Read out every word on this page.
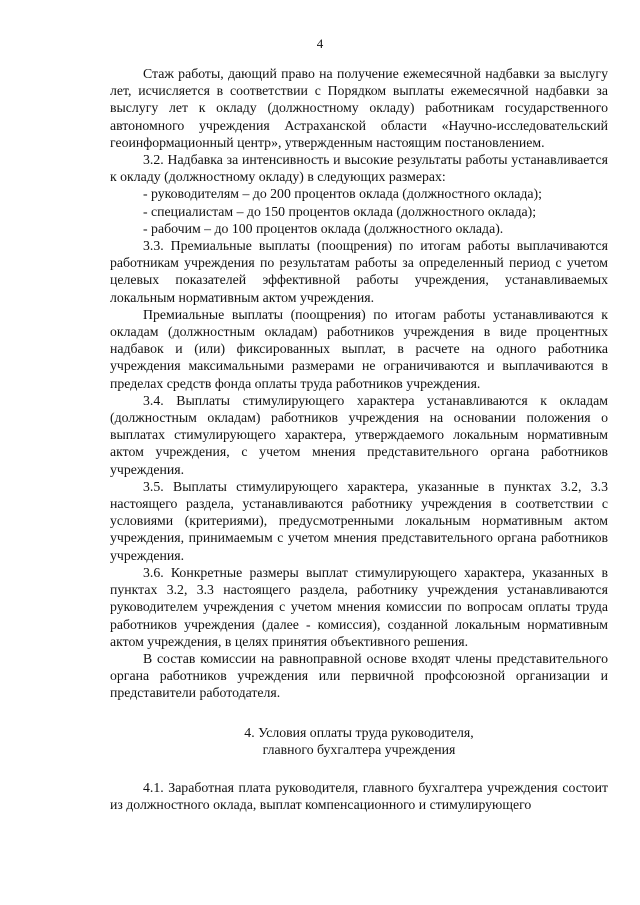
4

Стаж работы, дающий право на получение ежемесячной надбавки за выслугу лет, исчисляется в соответствии с Порядком выплаты ежемесячной надбавки за выслугу лет к окладу (должностному окладу) работникам государственного автономного учреждения Астраханской области «Научно-исследовательский геоинформационный центр», утвержденным настоящим постановлением.

3.2. Надбавка за интенсивность и высокие результаты работы устанавливается к окладу (должностному окладу) в следующих размерах:

- руководителям – до 200 процентов оклада (должностного оклада);

- специалистам – до 150 процентов оклада (должностного оклада);

- рабочим – до 100 процентов оклада (должностного оклада).

3.3. Премиальные выплаты (поощрения) по итогам работы выплачиваются работникам учреждения по результатам работы за определенный период с учетом целевых показателей эффективной работы учреждения, устанавливаемых локальным нормативным актом учреждения.

Премиальные выплаты (поощрения) по итогам работы устанавливаются к окладам (должностным окладам) работников учреждения в виде процентных надбавок и (или) фиксированных выплат, в расчете на одного работника учреждения максимальными размерами не ограничиваются и выплачиваются в пределах средств фонда оплаты труда работников учреждения.

3.4. Выплаты стимулирующего характера устанавливаются к окладам (должностным окладам) работников учреждения на основании положения о выплатах стимулирующего характера, утверждаемого локальным нормативным актом учреждения, с учетом мнения представительного органа работников учреждения.

3.5. Выплаты стимулирующего характера, указанные в пунктах 3.2, 3.3 настоящего раздела, устанавливаются работнику учреждения в соответствии с условиями (критериями), предусмотренными локальным нормативным актом учреждения, принимаемым с учетом мнения представительного органа работников учреждения.

3.6. Конкретные размеры выплат стимулирующего характера, указанных в пунктах 3.2, 3.3 настоящего раздела, работнику учреждения устанавливаются руководителем учреждения с учетом мнения комиссии по вопросам оплаты труда работников учреждения (далее - комиссия), созданной локальным нормативным актом учреждения, в целях принятия объективного решения.

В состав комиссии на равноправной основе входят члены представительного органа работников учреждения или первичной профсоюзной организации и представители работодателя.

4. Условия оплаты труда руководителя,
главного бухгалтера учреждения

4.1. Заработная плата руководителя, главного бухгалтера учреждения состоит из должностного оклада, выплат компенсационного и стимулирующего
